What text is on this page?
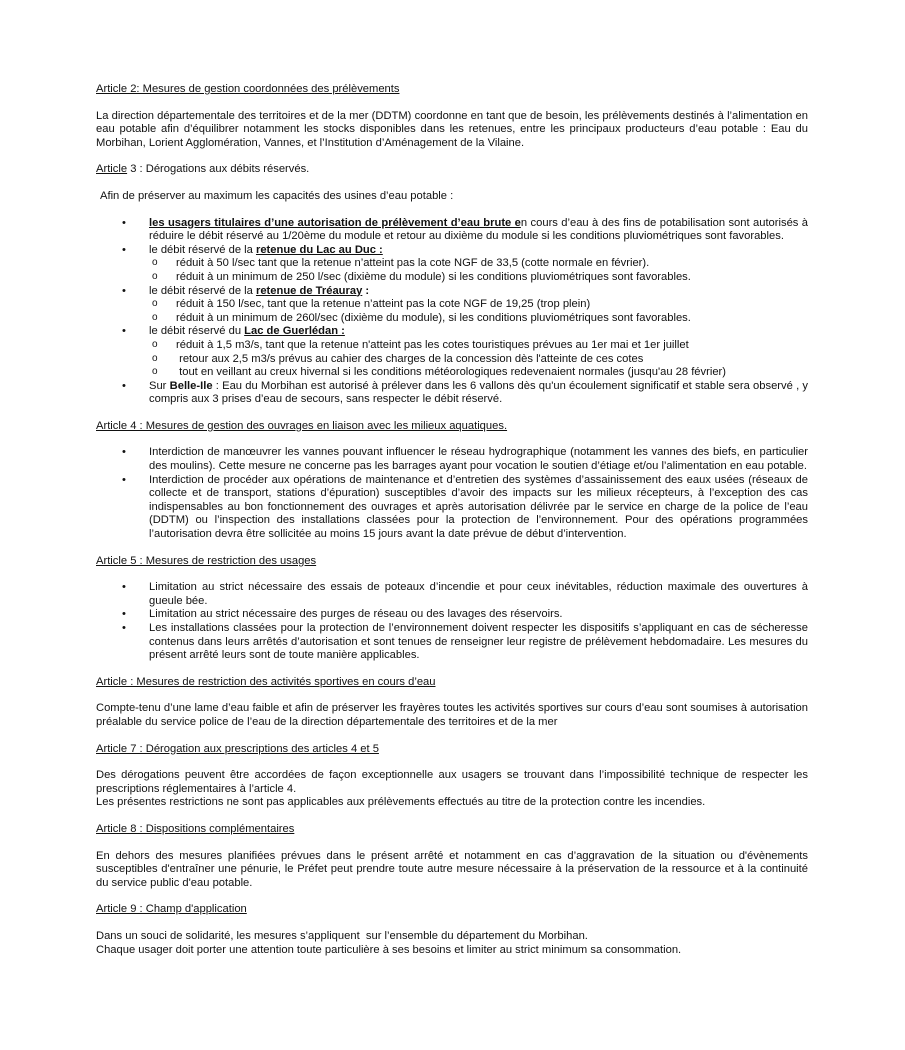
Article 2: Mesures de gestion coordonnées des prélèvements

La direction départementale des territoires et de la mer (DDTM) coordonne en tant que de besoin, les prélèvements destinés à l’alimentation en eau potable afin d’équilibrer notamment les stocks disponibles dans les retenues, entre les principaux producteurs d’eau potable : Eau du Morbihan, Lorient Agglomération, Vannes, et l’Institution d’Aménagement de la Vilaine.

Article 3 : Dérogations aux débits réservés.

Afin de préserver au maximum les capacités des usines d’eau potable :

• les usagers titulaires d’une autorisation de prélèvement d’eau brute en cours d’eau à des fins de potabilisation sont autorisés à réduire le débit réservé au 1/20ème du module et retour au dixième du module si les conditions pluviométriques sont favorables.
• le débit réservé de la retenue du Lac au Duc :
o réduit à 50 l/sec tant que la retenue n’atteint pas la cote NGF de 33,5 (cotte normale en février).
o réduit à un minimum de 250 l/sec (dixième du module) si les conditions pluviométriques sont favorables.
• le débit réservé de la retenue de Tréauray :
o réduit à 150 l/sec, tant que la retenue n’atteint pas la cote NGF de 19,25 (trop plein)
o réduit à un minimum de 260l/sec (dixième du module), si les conditions pluviométriques sont favorables.
• le débit réservé du Lac de Guerlédan :
o réduit à 1,5 m3/s, tant que la retenue n'atteint pas les cotes touristiques prévues au 1er mai et 1er juillet
o  retour aux 2,5 m3/s prévus au cahier des charges de la concession dès l'atteinte de ces cotes
o  tout en veillant au creux hivernal si les conditions météorologiques redevenaient normales (jusqu'au 28 février)
• Sur Belle-Ile : Eau du Morbihan est autorisé à prélever dans les 6 vallons dès qu'un écoulement significatif et stable sera observé , y compris aux 3 prises d’eau de secours, sans respecter le débit réservé.
Article 4 : Mesures de gestion des ouvrages en liaison avec les milieux aquatiques.
• Interdiction de manœuvrer les vannes pouvant influencer le réseau hydrographique (notamment les vannes des biefs, en particulier des moulins). Cette mesure ne concerne pas les barrages ayant pour vocation le soutien d’étiage et/ou l’alimentation en eau potable.
• Interdiction de procéder aux opérations de maintenance et d’entretien des systèmes d’assainissement des eaux usées (réseaux de collecte et de transport, stations d’épuration) susceptibles d’avoir des impacts sur les milieux récepteurs, à l’exception des cas indispensables au bon fonctionnement des ouvrages et après autorisation délivrée par le service en charge de la police de l’eau (DDTM) ou l’inspection des installations classées pour la protection de l’environnement. Pour des opérations programmées l’autorisation devra être sollicitée au moins 15 jours avant la date prévue de début d’intervention.
Article 5 : Mesures de restriction des usages
• Limitation au strict nécessaire des essais de poteaux d’incendie et pour ceux inévitables, réduction maximale des ouvertures à gueule bée.
• Limitation au strict nécessaire des purges de réseau ou des lavages des réservoirs.
• Les installations classées pour la protection de l’environnement doivent respecter les dispositifs s’appliquant en cas de sécheresse contenus dans leurs arrêtés d’autorisation et sont tenues de renseigner leur registre de prélèvement hebdomadaire. Les mesures du présent arrêté leurs sont de toute manière applicables.
Article : Mesures de restriction des activités sportives en cours d’eau

Compte-tenu d’une lame d’eau faible et afin de préserver les frayères toutes les activités sportives sur cours d’eau sont soumises à autorisation préalable du service police de l’eau de la direction départementale des territoires et de la mer

Article 7 : Dérogation aux prescriptions des articles 4 et 5

Des dérogations peuvent être accordées de façon exceptionnelle aux usagers se trouvant dans l’impossibilité technique de respecter les prescriptions réglementaires à l’article 4.
Les présentes restrictions ne sont pas applicables aux prélèvements effectués au titre de la protection contre les incendies.

Article 8 : Dispositions complémentaires

En dehors des mesures planifiées prévues dans le présent arrêté et notamment en cas d’aggravation de la situation ou d'évènements susceptibles d'entraîner une pénurie, le Préfet peut prendre toute autre mesure nécessaire à la préservation de la ressource et à la continuité du service public d'eau potable.

Article 9 : Champ d'application

Dans un souci de solidarité, les mesures s’appliquent  sur l’ensemble du département du Morbihan.
Chaque usager doit porter une attention toute particulière à ses besoins et limiter au strict minimum sa consommation.
